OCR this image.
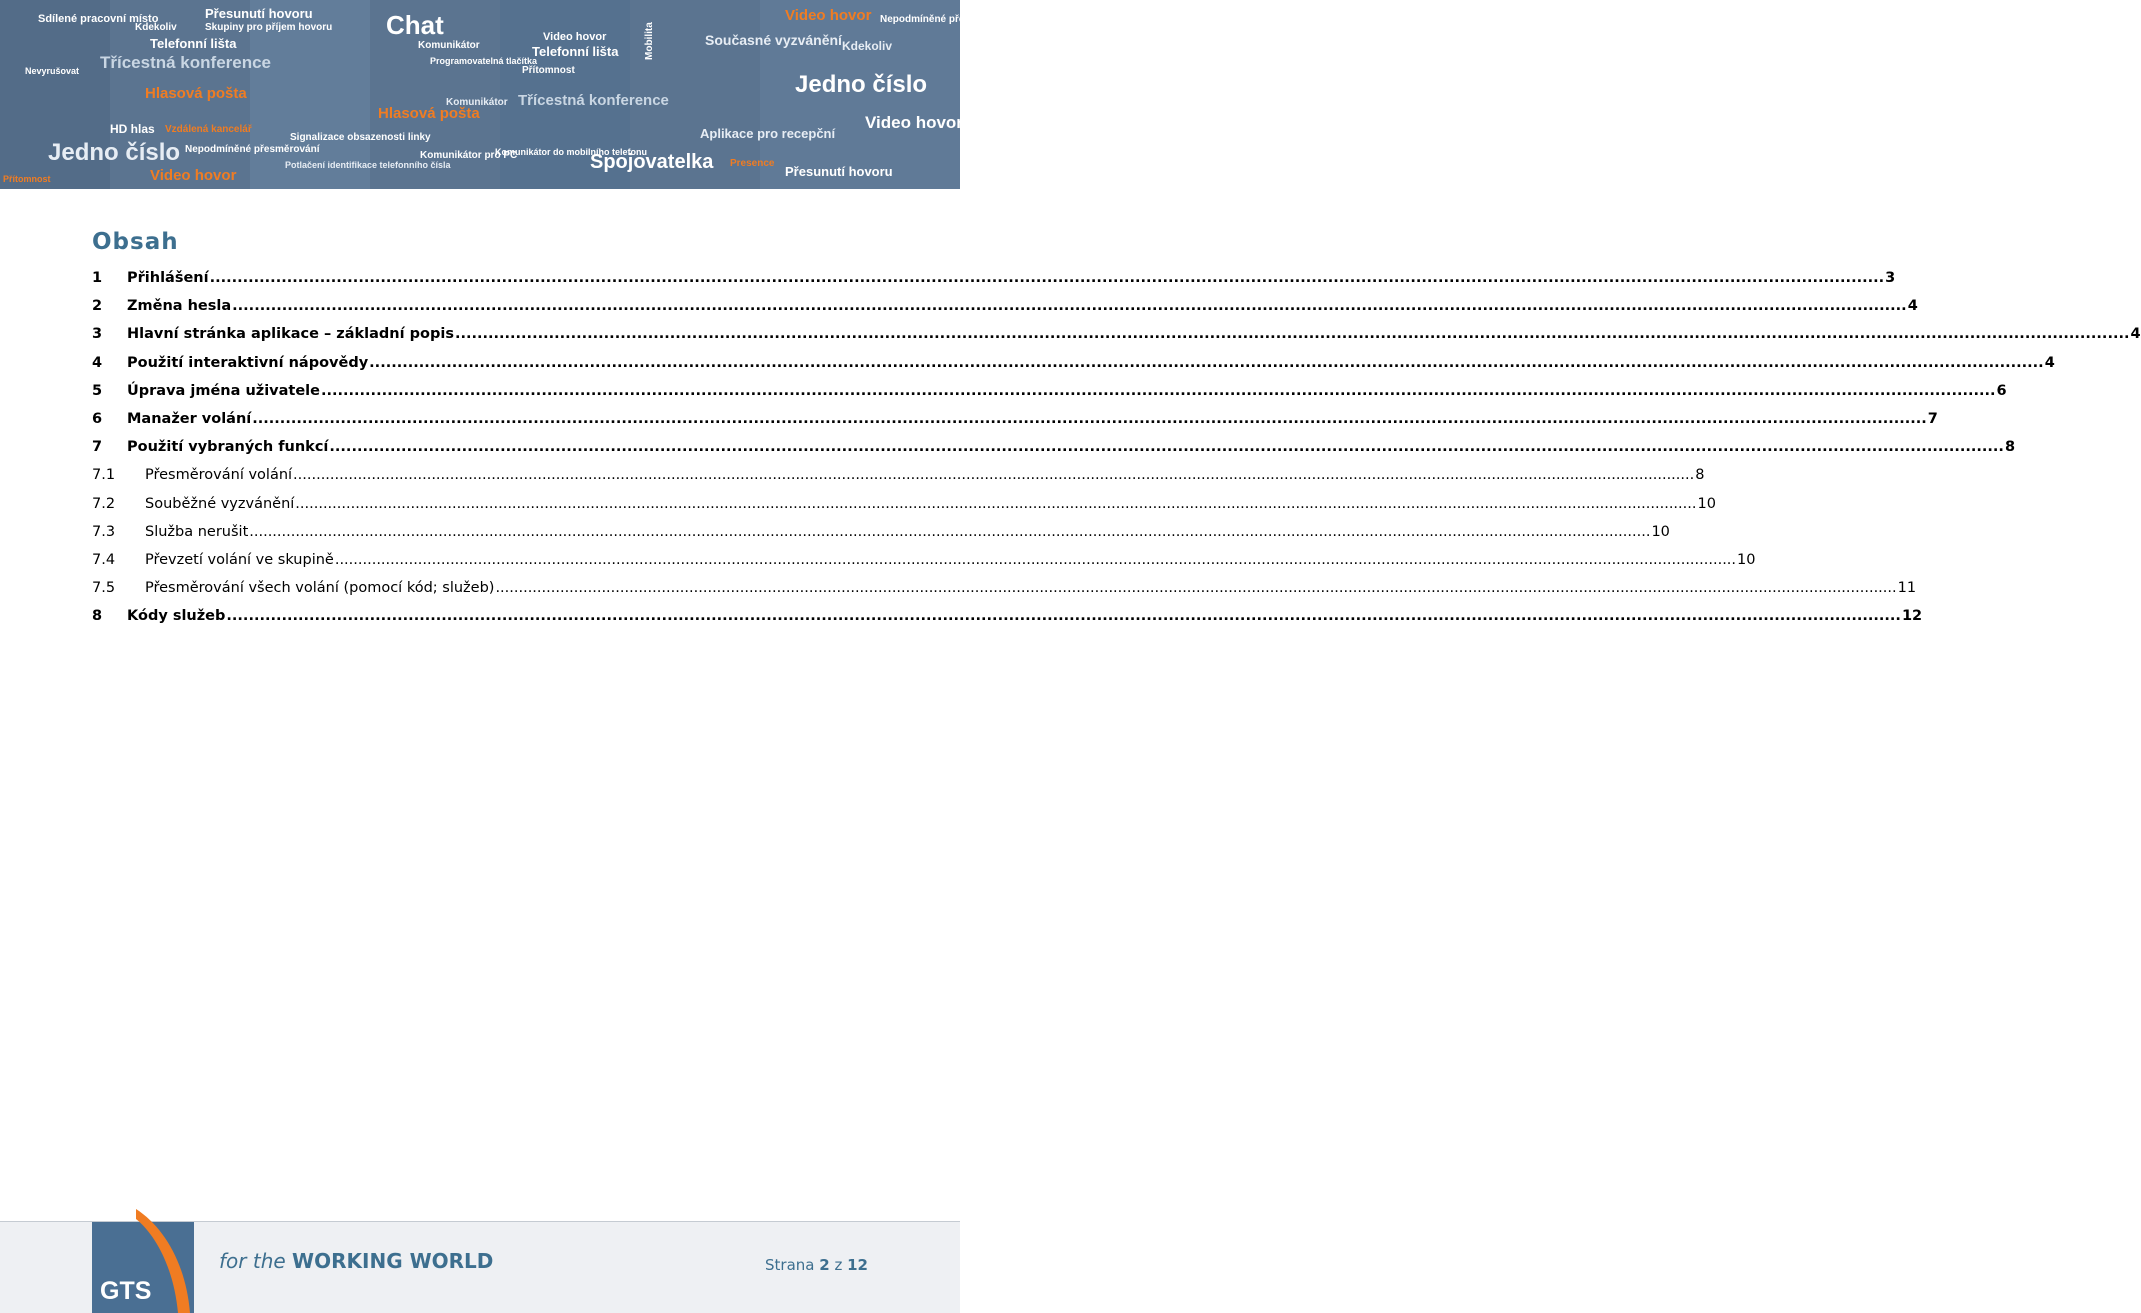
Sdílené pracovní místo
Jedno číslo
Telefonní lišta
Přesunutí hovoru	Chat
Třícestná konference
Video hovor
Nepodmíněné přesměrování
Hlasová pošta
Kdekoliv
Spojovatelka
Komunikátor
Presence
Aplikace pro recepční
Současné vyzvánění
Nevyrušovat
Přítomnost
HD hlas Vzdálená kancelář
Signalizace obsazenosti linky
Potlačení identifikace telefonního čísla
Skupiny pro příjem hovoru
Programovatelná tlačítka
Komunikátor pro PC
Komunikátor do mobilního telefonu
Mobilita
Video hovor
Jedno číslo
Hlasová pošta
Třícestná konference
Telefonní lišta
Přesunutí hovoru
Nepodmíněné přesměrování
Video hovor
Komunikátor
Kdekoliv
Video hovor
Přítomnost
Obsah
1	Přihlášení .....	3
2	Změna hesla .....	4
3	Hlavní stránka aplikace – základní popis .....	4
4	Použití interaktivní nápovědy .....	4
5	Úprava jména uživatele .....	6
6	Manažer volání .....	7
7	Použití vybraných funkcí .....	8
7.1	Přesměrování volání .....	8
7.2	Souběžné vyzvánění .....	10
7.3	Služba nerušit .....	10
7.4	Převzetí volání ve skupině .....	10
7.5	Přesměrování všech volání (pomocí kód; služeb) .....	11
8	Kódy služeb .....	12
GTS
for the WORKING WORLD	Strana 2 z 12
